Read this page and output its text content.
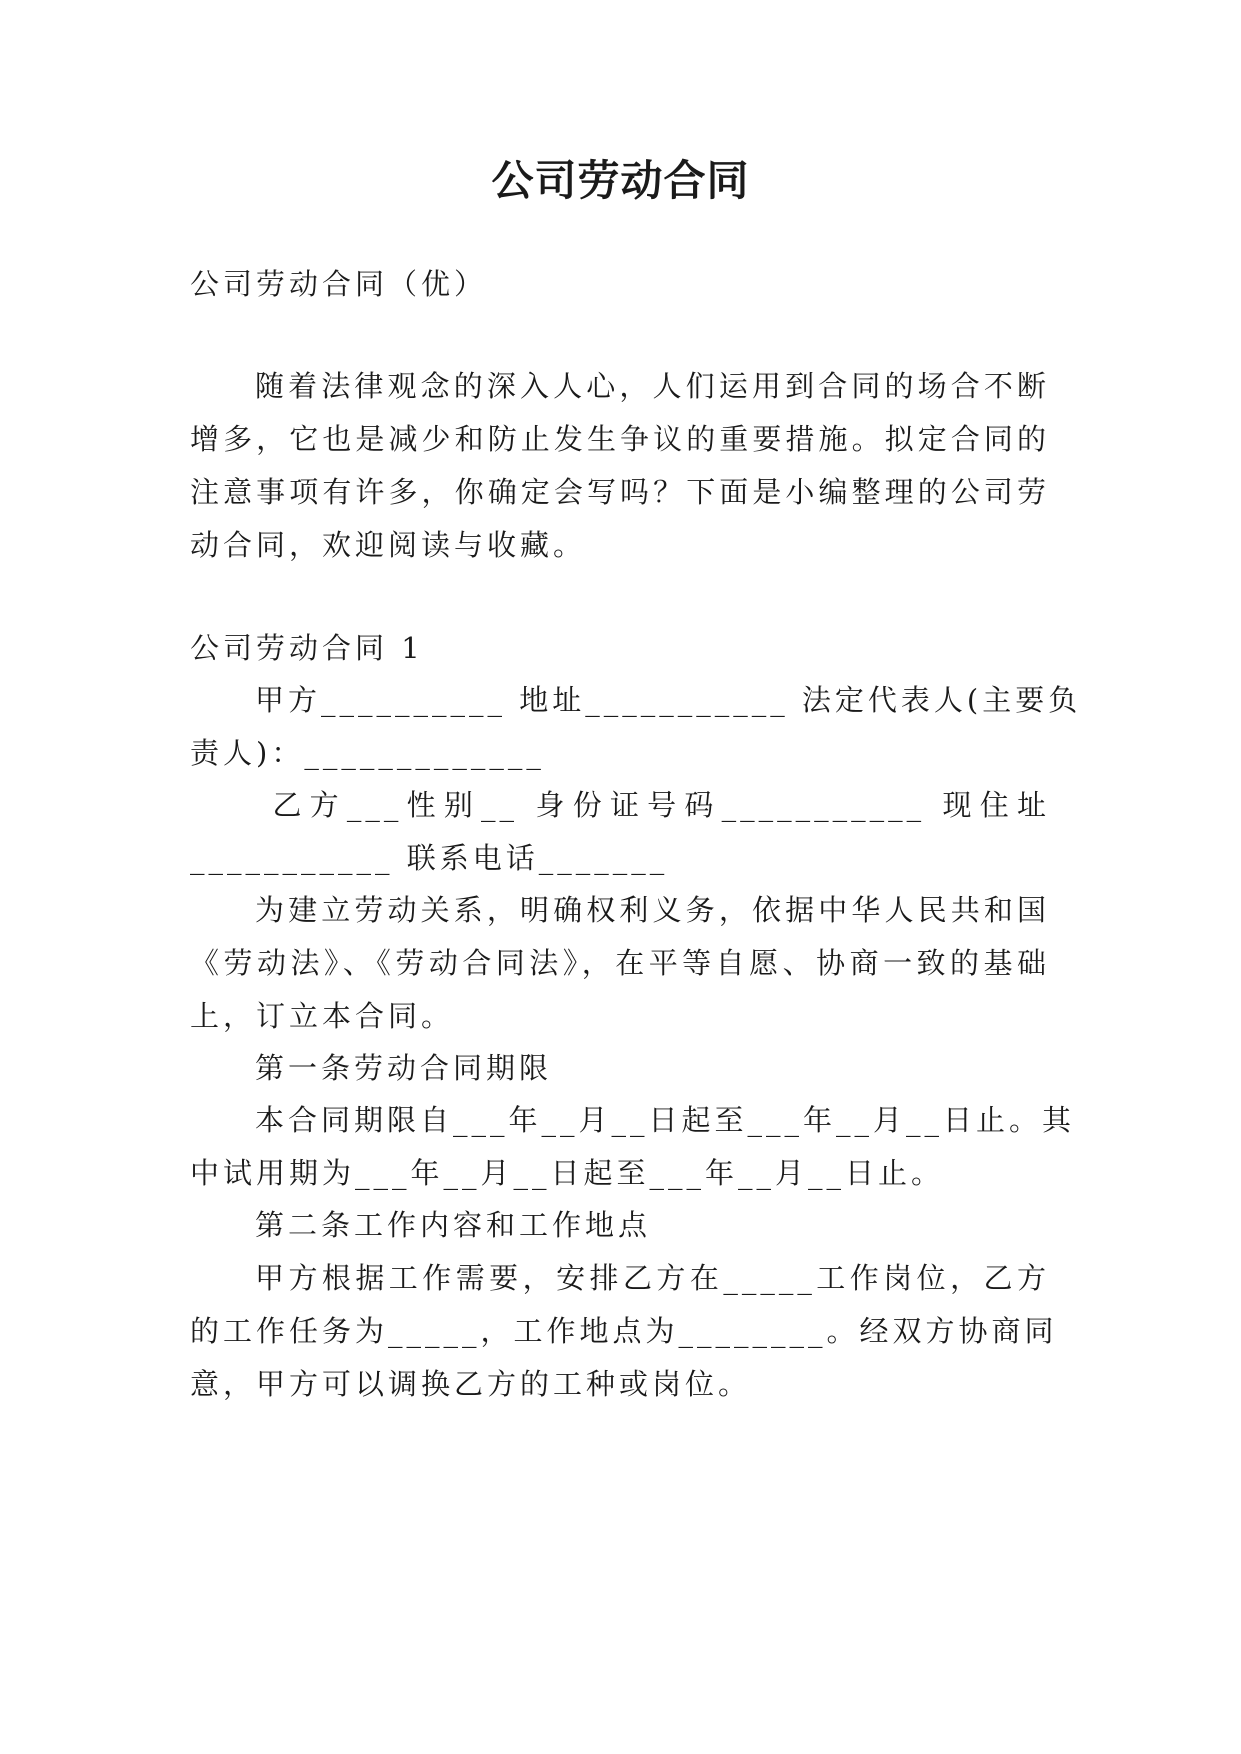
公司劳动合同
公司劳动合同（优）
随着法律观念的深入人心，人们运用到合同的场合不断
增多，它也是减少和防止发生争议的重要措施。拟定合同的
注意事项有许多，你确定会写吗？下面是小编整理的公司劳
动合同，欢迎阅读与收藏。
公司劳动合同 1
甲方__________ 地址___________ 法定代表人(主要负
责人)：_____________
乙方___性别__ 身份证号码___________ 现住址
___________ 联系电话_______
为建立劳动关系，明确权利义务，依据中华人民共和国
《劳动法》、《劳动合同法》，在平等自愿、协商一致的基础
上，订立本合同。
第一条劳动合同期限
本合同期限自___年__月__日起至___年__月__日止。其
中试用期为___年__月__日起至___年__月__日止。
第二条工作内容和工作地点
甲方根据工作需要，安排乙方在_____工作岗位，乙方
的工作任务为_____，工作地点为________。经双方协商同
意，甲方可以调换乙方的工种或岗位。
